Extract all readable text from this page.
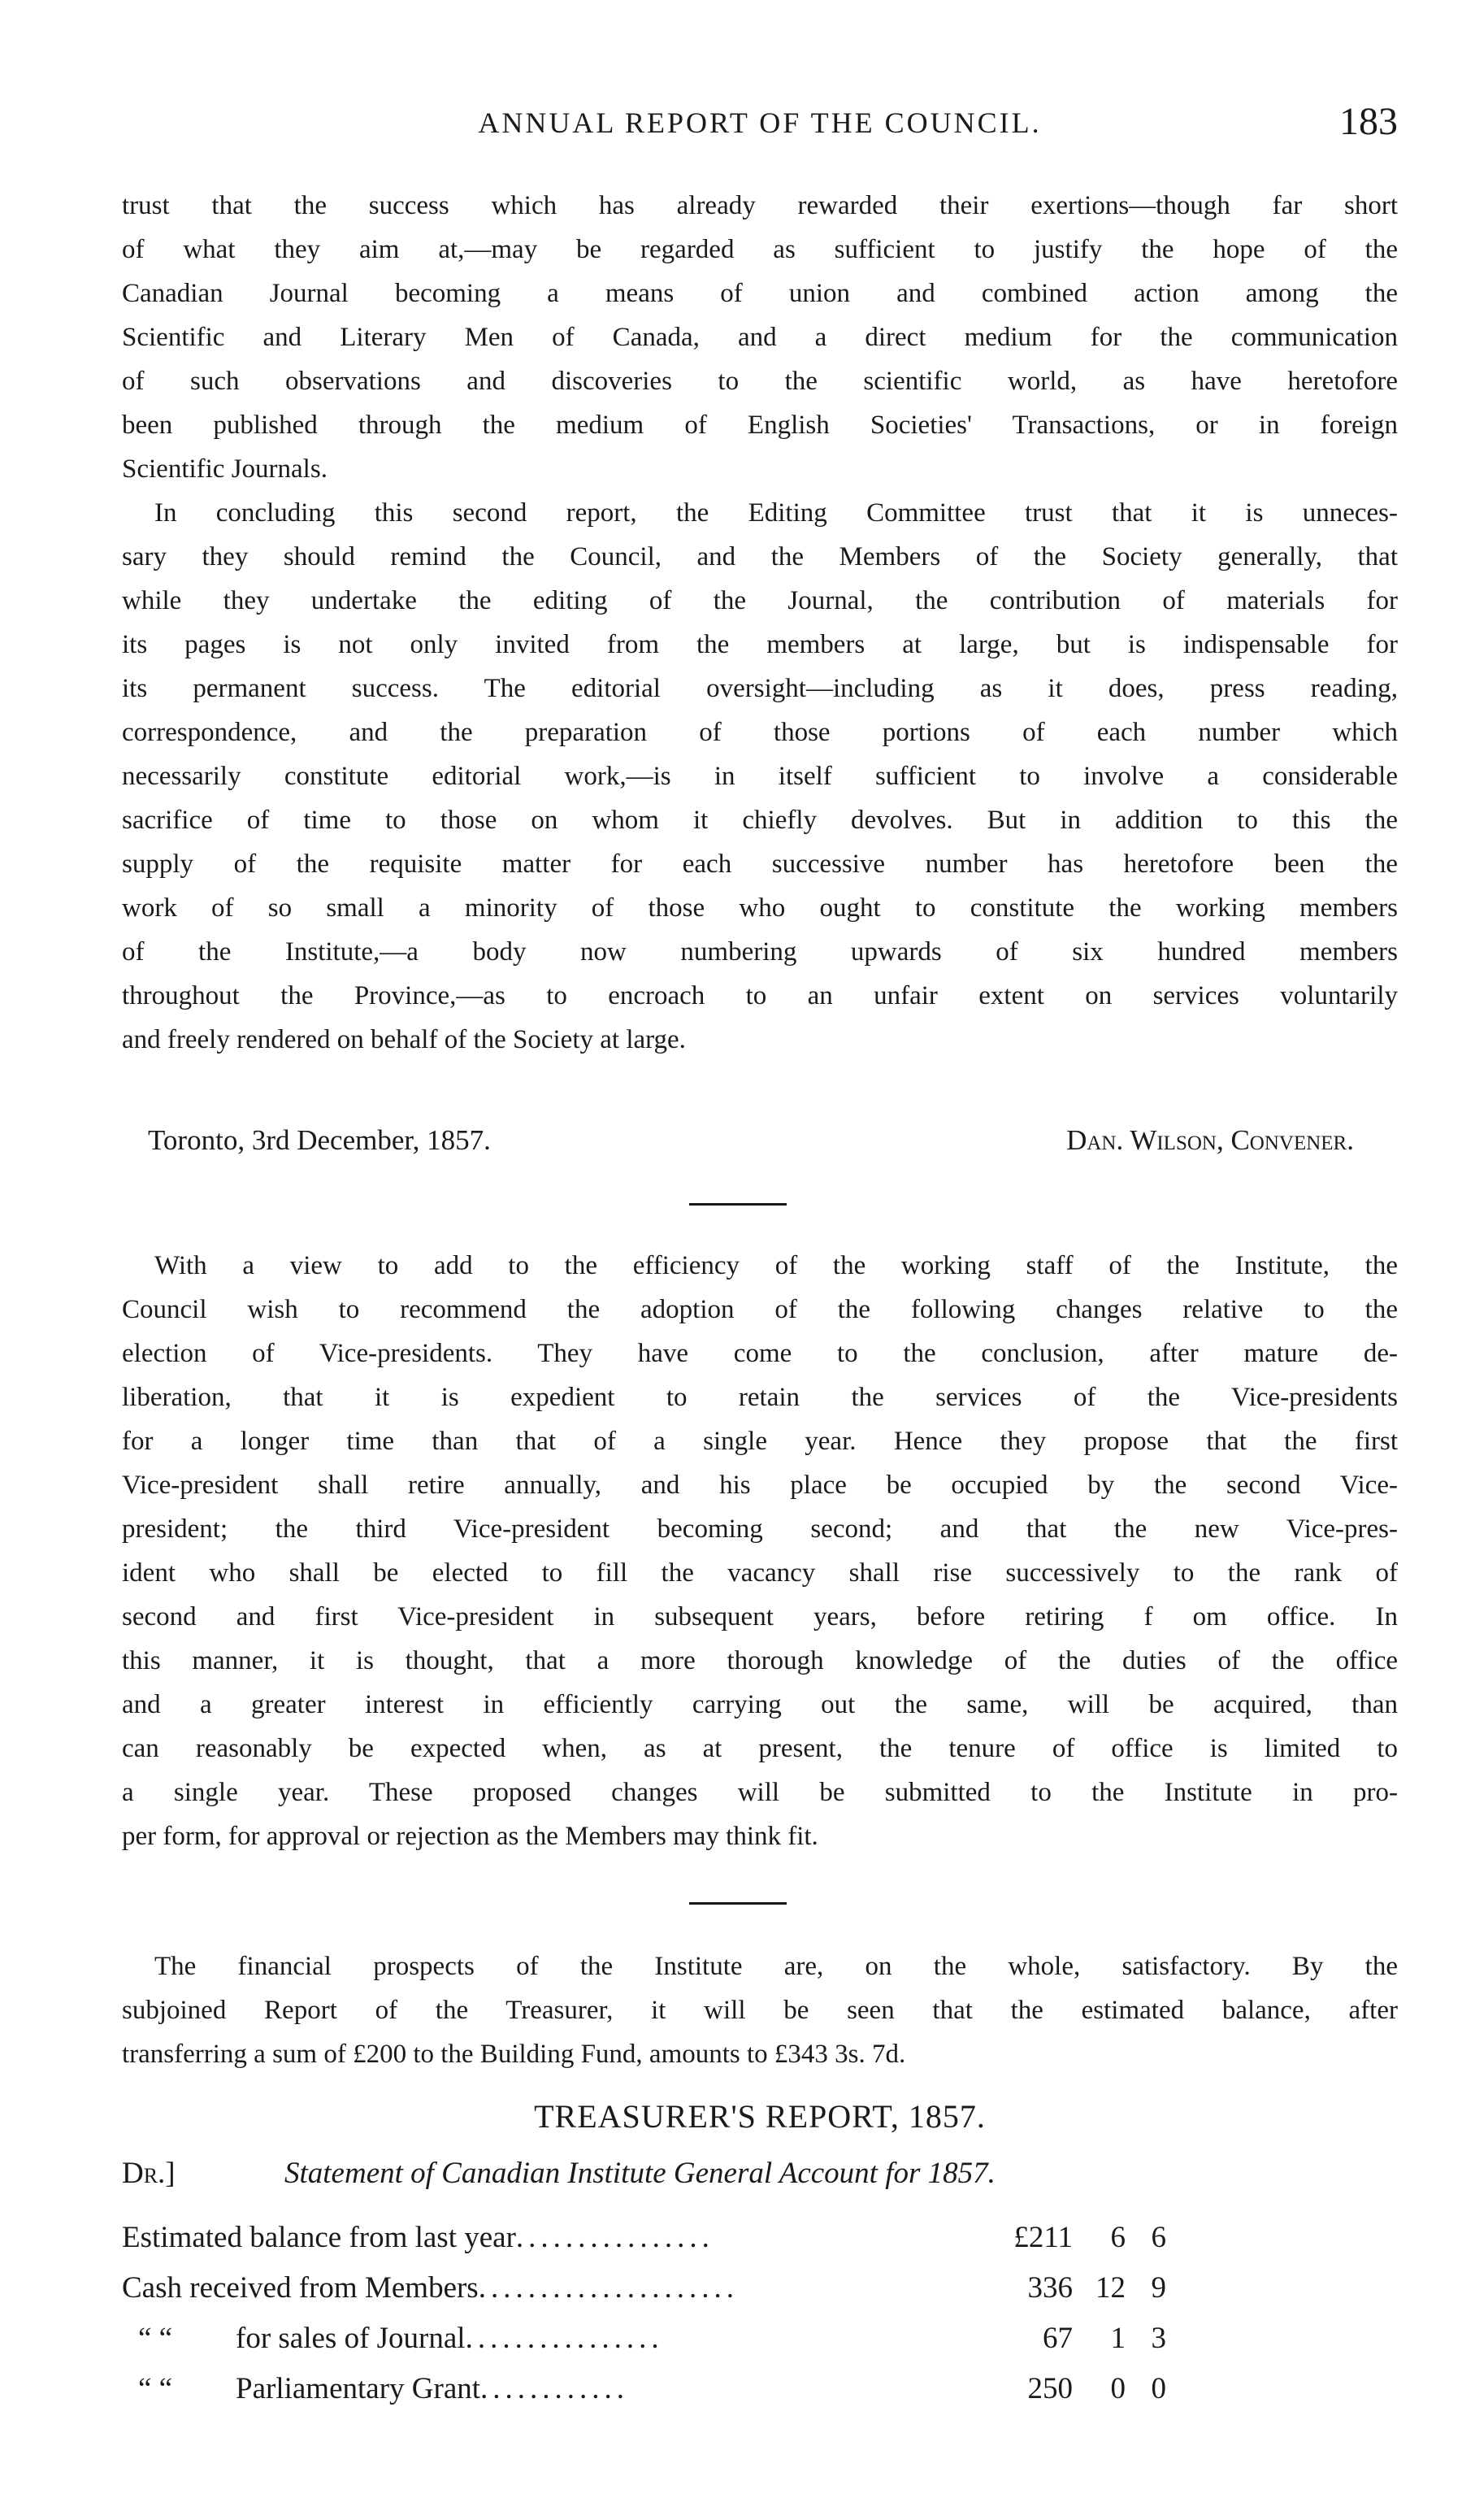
ANNUAL REPORT OF THE COUNCIL.	183
trust that the success which has already rewarded their exertions—though far short
of what they aim at,—may be regarded as sufficient to justify the hope of the
Canadian Journal becoming a means of union and combined action among the
Scientific and Literary Men of Canada, and a direct medium for the communication
of such observations and discoveries to the scientific world, as have heretofore
been published through the medium of English Societies' Transactions, or in foreign
Scientific Journals.
In concluding this second report, the Editing Committee trust that it is unneces-
sary they should remind the Council, and the Members of the Society generally, that
while they undertake the editing of the Journal, the contribution of materials for
its pages is not only invited from the members at large, but is indispensable for
its permanent success. The editorial oversight—including as it does, press reading,
correspondence, and the preparation of those portions of each number which
necessarily constitute editorial work,—is in itself sufficient to involve a considerable
sacrifice of time to those on whom it chiefly devolves. But in addition to this the
supply of the requisite matter for each successive number has heretofore been the
work of so small a minority of those who ought to constitute the working members
of the Institute,—a body now numbering upwards of six hundred members
throughout the Province,—as to encroach to an unfair extent on services voluntarily
and freely rendered on behalf of the Society at large.
Toronto, 3rd December, 1857.	Dan. Wilson, Convener.
With a view to add to the efficiency of the working staff of the Institute, the
Council wish to recommend the adoption of the following changes relative to the
election of Vice-presidents. They have come to the conclusion, after mature de-
liberation, that it is expedient to retain the services of the Vice-presidents
for a longer time than that of a single year. Hence they propose that the first
Vice-president shall retire annually, and his place be occupied by the second Vice-
president; the third Vice-president becoming second; and that the new Vice-pres-
ident who shall be elected to fill the vacancy shall rise successively to the rank of
second and first Vice-president in subsequent years, before retiring f om office. In
this manner, it is thought, that a more thorough knowledge of the duties of the office
and a greater interest in efficiently carrying out the same, will be acquired, than
can reasonably be expected when, as at present, the tenure of office is limited to
a single year. These proposed changes will be submitted to the Institute in pro-
per form, for approval or rejection as the Members may think fit.
The financial prospects of the Institute are, on the whole, satisfactory. By the
subjoined Report of the Treasurer, it will be seen that the estimated balance, after
transferring a sum of £200 to the Building Fund, amounts to £343 3s. 7d.
TREASURER'S REPORT, 1857.
Dr.]	Statement of Canadian Institute General Account for 1857.
Estimated balance from last year................	£211	6 6
Cash received from Members.....................	336 12 9
“ “ for sales of Journal................	67	1 3
“ “ Parliamentary Grant............	250	0 0
